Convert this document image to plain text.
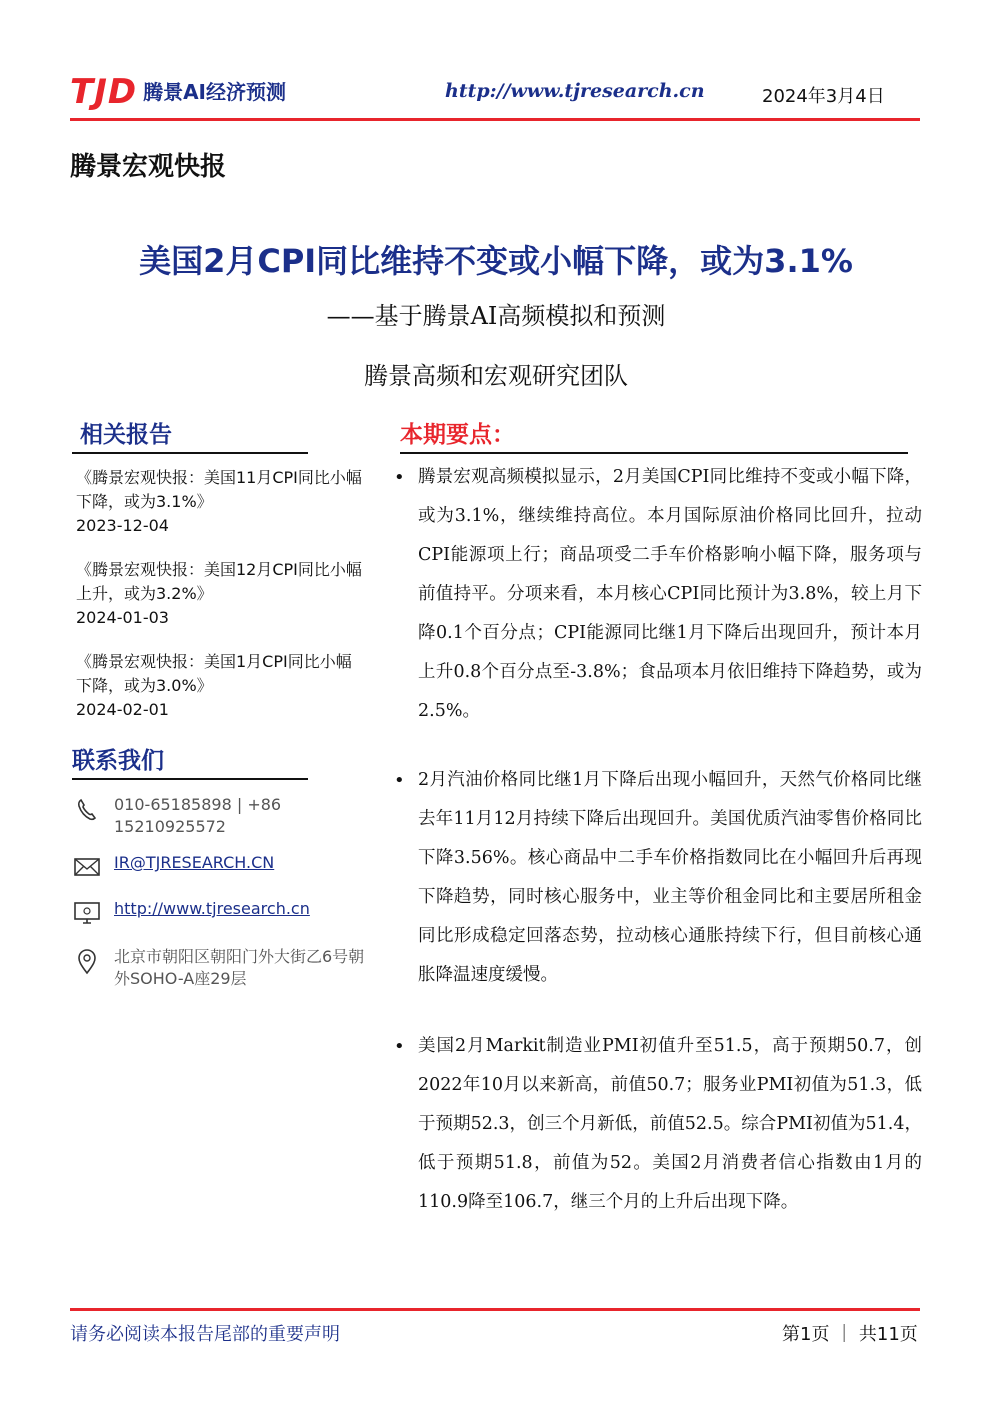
TJD 腾景AI经济预测	http://www.tjresearch.cn	2024年3月4日
腾景宏观快报
美国2月CPI同比维持不变或小幅下降，或为3.1%
——基于腾景AI高频模拟和预测
腾景高频和宏观研究团队
相关报告
《腾景宏观快报：美国11月CPI同比小幅下降，或为3.1%》
2023-12-04
《腾景宏观快报：美国12月CPI同比小幅上升，或为3.2%》
2024-01-03
《腾景宏观快报：美国1月CPI同比小幅下降，或为3.0%》
2024-02-01
联系我们
010-65185898 | +86 15210925572
IR@TJRESEARCH.CN
http://www.tjresearch.cn
北京市朝阳区朝阳门外大街乙6号朝外SOHO-A座29层
本期要点：
• 腾景宏观高频模拟显示，2月美国CPI同比维持不变或小幅下降，或为3.1%，继续维持高位。本月国际原油价格同比回升，拉动CPI能源项上行；商品项受二手车价格影响小幅下降，服务项与前值持平。分项来看，本月核心CPI同比预计为3.8%，较上月下降0.1个百分点；CPI能源同比继1月下降后出现回升，预计本月上升0.8个百分点至-3.8%；食品项本月依旧维持下降趋势，或为2.5%。
• 2月汽油价格同比继1月下降后出现小幅回升，天然气价格同比继去年11月12月持续下降后出现回升。美国优质汽油零售价格同比下降3.56%。核心商品中二手车价格指数同比在小幅回升后再现下降趋势，同时核心服务中，业主等价租金同比和主要居所租金同比形成稳定回落态势，拉动核心通胀持续下行，但目前核心通胀降温速度缓慢。
• 美国2月Markit制造业PMI初值升至51.5，高于预期50.7，创2022年10月以来新高，前值50.7；服务业PMI初值为51.3，低于预期52.3，创三个月新低，前值52.5。综合PMI初值为51.4，低于预期51.8，前值为52。美国2月消费者信心指数由1月的110.9降至106.7，继三个月的上升后出现下降。
请务必阅读本报告尾部的重要声明	第1页 ｜ 共11页
